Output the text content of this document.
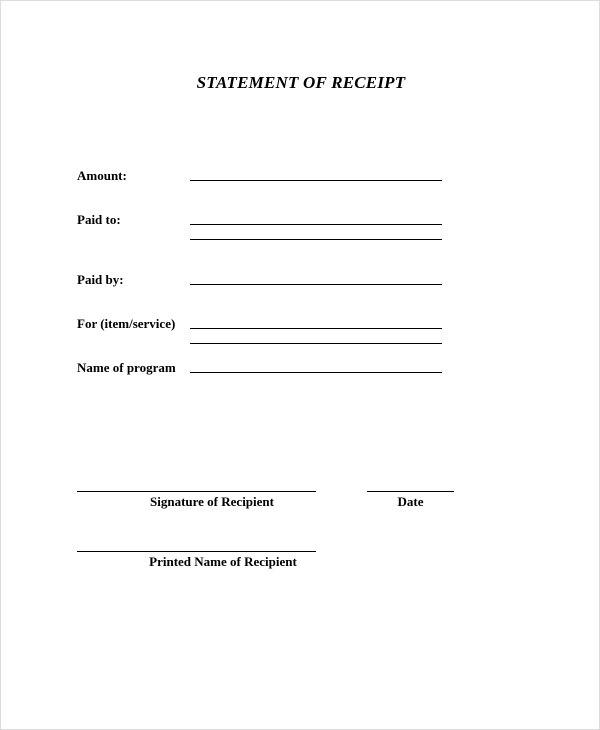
STATEMENT OF RECEIPT
Amount:
Paid to:
Paid by:
For (item/service)
Name of program
Signature of Recipient	Date
Printed Name of Recipient
